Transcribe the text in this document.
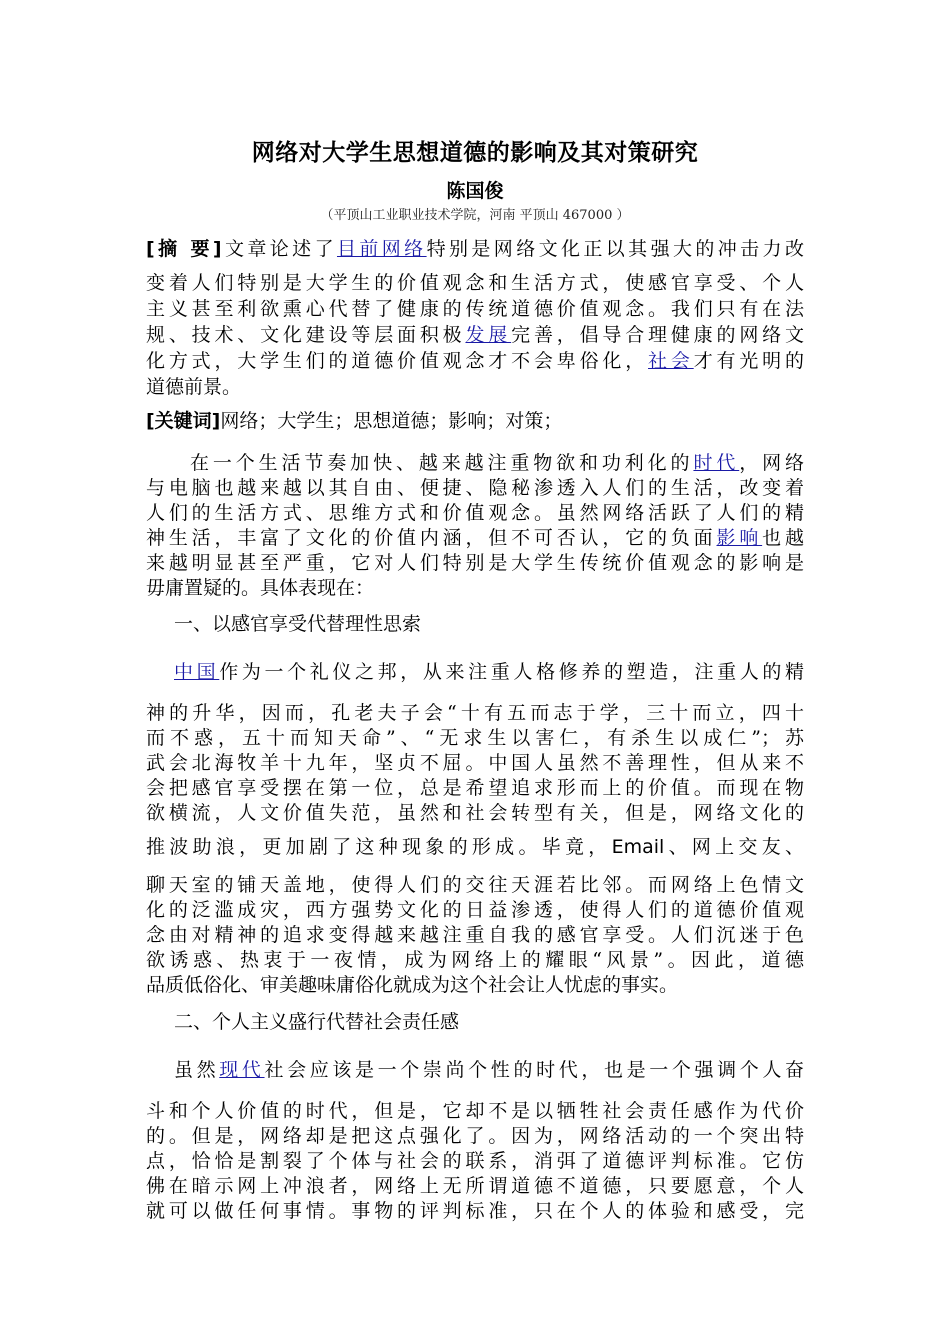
网络对大学生思想道德的影响及其对策研究
陈国俊
（平顶山工业职业技术学院，河南 平顶山 467000 ）
[摘 要]文章论述了目前网络特别是网络文化正以其强大的冲击力改
变着人们特别是大学生的价值观念和生活方式，使感官享受、个人
主义甚至利欲熏心代替了健康的传统道德价值观念。我们只有在法
规、技术、文化建设等层面积极发展完善，倡导合理健康的网络文
化方式，大学生们的道德价值观念才不会卑俗化，社会才有光明的
道德前景。
[关键词]网络；大学生；思想道德；影响；对策；
在一个生活节奏加快、越来越注重物欲和功利化的时代，网络
与电脑也越来越以其自由、便捷、隐秘渗透入人们的生活，改变着
人们的生活方式、思维方式和价值观念。虽然网络活跃了人们的精
神生活，丰富了文化的价值内涵，但不可否认，它的负面影响也越
来越明显甚至严重，它对人们特别是大学生传统价值观念的影响是
毋庸置疑的。具体表现在：
一、以感官享受代替理性思索
中国作为一个礼仪之邦，从来注重人格修养的塑造，注重人的精
神的升华，因而，孔老夫子会“十有五而志于学，三十而立，四十
而不惑，五十而知天命”、“无求生以害仁，有杀生以成仁”；苏
武会北海牧羊十九年，坚贞不屈。中国人虽然不善理性，但从来不
会把感官享受摆在第一位，总是希望追求形而上的价值。而现在物
欲横流，人文价值失范，虽然和社会转型有关，但是，网络文化的
推波助浪，更加剧了这种现象的形成。毕竟，Email、网上交友、
聊天室的铺天盖地，使得人们的交往天涯若比邻。而网络上色情文
化的泛滥成灾，西方强势文化的日益渗透，使得人们的道德价值观
念由对精神的追求变得越来越注重自我的感官享受。人们沉迷于色
欲诱惑、热衷于一夜情，成为网络上的耀眼“风景”。因此，道德
品质低俗化、审美趣味庸俗化就成为这个社会让人忧虑的事实。
二、个人主义盛行代替社会责任感
虽然现代社会应该是一个崇尚个性的时代，也是一个强调个人奋
斗和个人价值的时代，但是，它却不是以牺牲社会责任感作为代价
的。但是，网络却是把这点强化了。因为，网络活动的一个突出特
点，恰恰是割裂了个体与社会的联系，消弭了道德评判标准。它仿
佛在暗示网上冲浪者，网络上无所谓道德不道德，只要愿意，个人
就可以做任何事情。事物的评判标准，只在个人的体验和感受，完
